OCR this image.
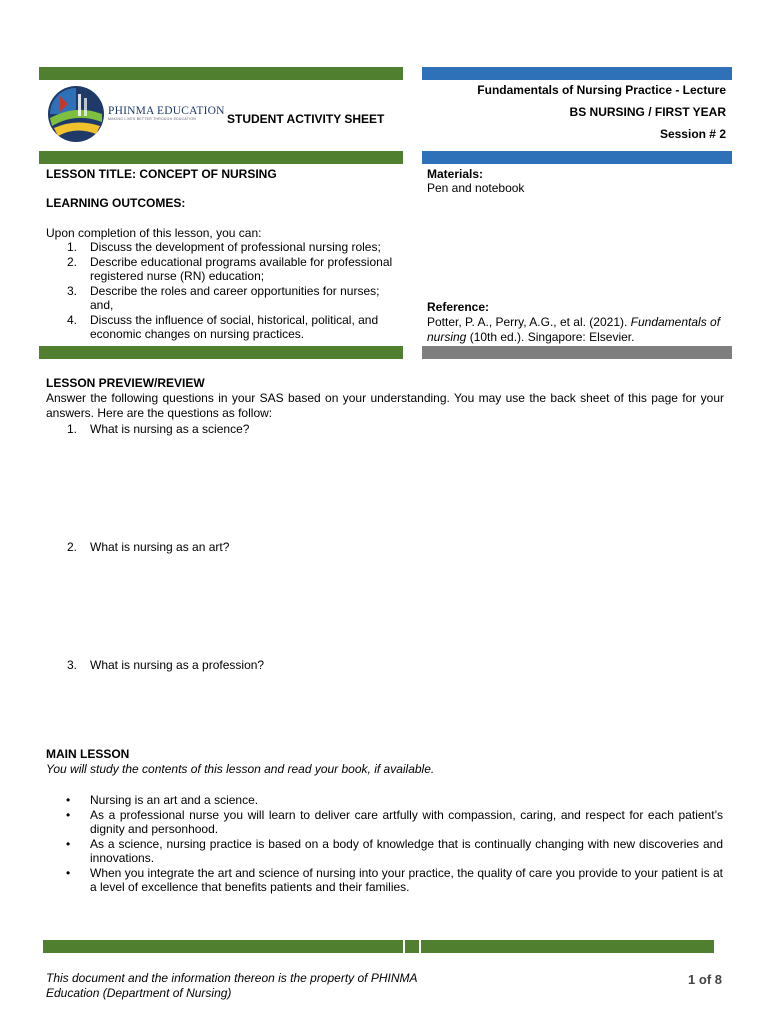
PHINMA EDUCATION
MAKING LIVES BETTER THROUGH EDUCATION	STUDENT ACTIVITY SHEET
Fundamentals of Nursing Practice - Lecture
BS NURSING / FIRST YEAR
Session # 2
LESSON TITLE: CONCEPT OF NURSING
LEARNING OUTCOMES:
Upon completion of this lesson, you can:
1. Discuss the development of professional nursing roles;
2. Describe educational programs available for professional registered nurse (RN) education;
3. Describe the roles and career opportunities for nurses; and,
4. Discuss the influence of social, historical, political, and economic changes on nursing practices.
Materials:
Pen and notebook
Reference:
Potter, P. A., Perry, A.G., et al. (2021). Fundamentals of nursing (10th ed.). Singapore: Elsevier.
LESSON PREVIEW/REVIEW
Answer the following questions in your SAS based on your understanding. You may use the back sheet of this page for your answers. Here are the questions as follow:
1. What is nursing as a science?
2. What is nursing as an art?
3. What is nursing as a profession?
MAIN LESSON
You will study the contents of this lesson and read your book, if available.
• Nursing is an art and a science.
• As a professional nurse you will learn to deliver care artfully with compassion, caring, and respect for each patient’s dignity and personhood.
• As a science, nursing practice is based on a body of knowledge that is continually changing with new discoveries and innovations.
• When you integrate the art and science of nursing into your practice, the quality of care you provide to your patient is at a level of excellence that benefits patients and their families.
This document and the information thereon is the property of PHINMA Education (Department of Nursing)
1 of 8
